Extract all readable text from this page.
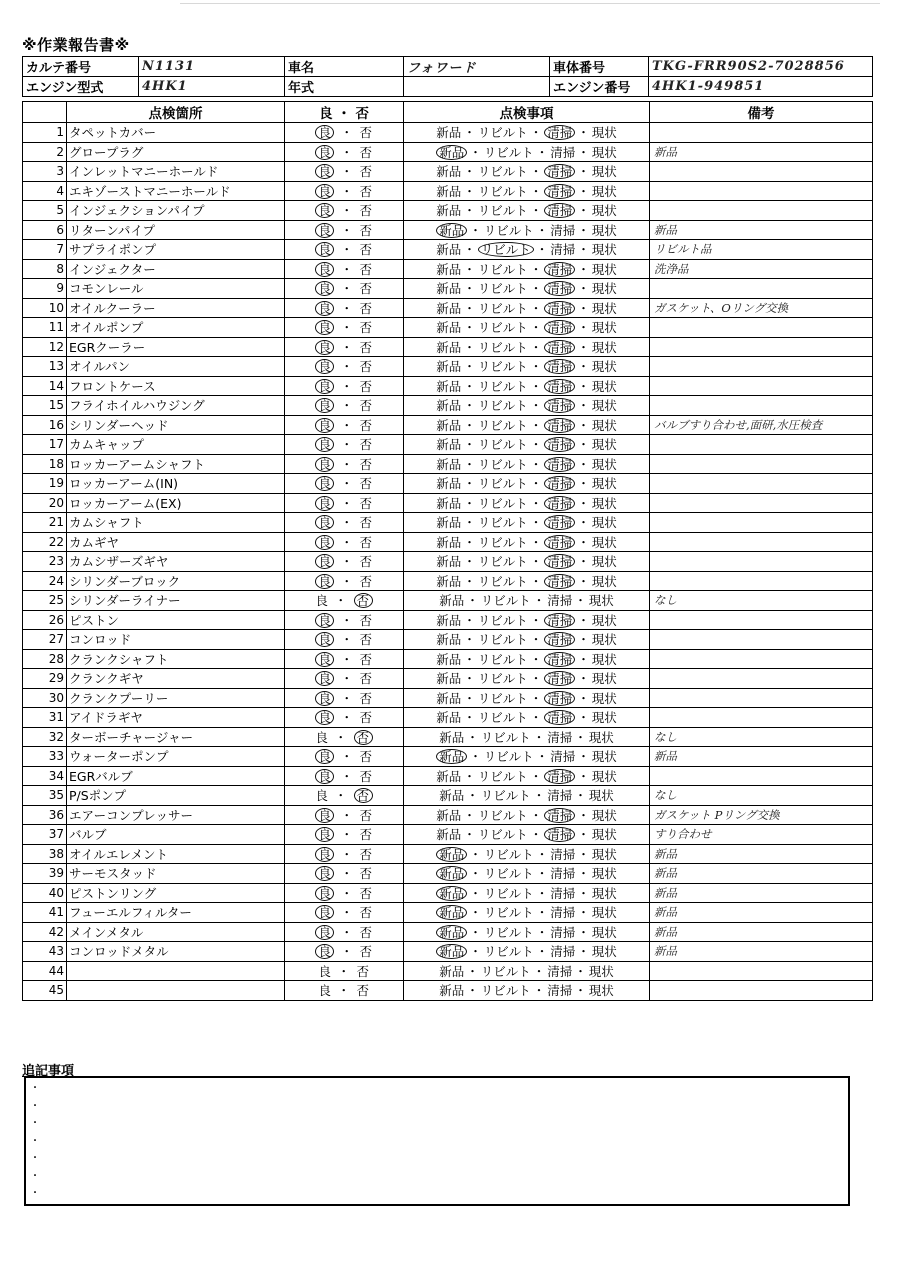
※作業報告書※
カルテ番号	N1131	車名	フォワード	車体番号	TKG-FRR90S2-7028856
エンジン型式	4HK1	年式		エンジン番号	4HK1-949851
	点検箇所	良 ・ 否	点検事項	備考
1	タペットカバー	良 ・ 否	新品 ・ リビルト ・ 清掃 ・ 現状	
2	グロープラグ	良 ・ 否	新品 ・ リビルト ・ 清掃 ・ 現状	新品
3	インレットマニーホールド	良 ・ 否	新品 ・ リビルト ・ 清掃 ・ 現状	
4	エキゾーストマニーホールド	良 ・ 否	新品 ・ リビルト ・ 清掃 ・ 現状	
5	インジェクションパイプ	良 ・ 否	新品 ・ リビルト ・ 清掃 ・ 現状	
6	リターンパイプ	良 ・ 否	新品 ・ リビルト ・ 清掃 ・ 現状	新品
7	サプライポンプ	良 ・ 否	新品 ・ リビルト ・ 清掃 ・ 現状	リビルト品
8	インジェクター	良 ・ 否	新品 ・ リビルト ・ 清掃 ・ 現状	洗浄品
9	コモンレール	良 ・ 否	新品 ・ リビルト ・ 清掃 ・ 現状	
10	オイルクーラー	良 ・ 否	新品 ・ リビルト ・ 清掃 ・ 現状	ガスケット、Oリング交換
11	オイルポンプ	良 ・ 否	新品 ・ リビルト ・ 清掃 ・ 現状	
12	EGRクーラー	良 ・ 否	新品 ・ リビルト ・ 清掃 ・ 現状	
13	オイルパン	良 ・ 否	新品 ・ リビルト ・ 清掃 ・ 現状	
14	フロントケース	良 ・ 否	新品 ・ リビルト ・ 清掃 ・ 現状	
15	フライホイルハウジング	良 ・ 否	新品 ・ リビルト ・ 清掃 ・ 現状	
16	シリンダーヘッド	良 ・ 否	新品 ・ リビルト ・ 清掃 ・ 現状	バルブすり合わせ,面研,水圧検査
17	カムキャップ	良 ・ 否	新品 ・ リビルト ・ 清掃 ・ 現状	
18	ロッカーアームシャフト	良 ・ 否	新品 ・ リビルト ・ 清掃 ・ 現状	
19	ロッカーアーム(IN)	良 ・ 否	新品 ・ リビルト ・ 清掃 ・ 現状	
20	ロッカーアーム(EX)	良 ・ 否	新品 ・ リビルト ・ 清掃 ・ 現状	
21	カムシャフト	良 ・ 否	新品 ・ リビルト ・ 清掃 ・ 現状	
22	カムギヤ	良 ・ 否	新品 ・ リビルト ・ 清掃 ・ 現状	
23	カムシザーズギヤ	良 ・ 否	新品 ・ リビルト ・ 清掃 ・ 現状	
24	シリンダーブロック	良 ・ 否	新品 ・ リビルト ・ 清掃 ・ 現状	
25	シリンダーライナー	良 ・ 否	新品 ・ リビルト ・ 清掃 ・ 現状	なし
26	ピストン	良 ・ 否	新品 ・ リビルト ・ 清掃 ・ 現状	
27	コンロッド	良 ・ 否	新品 ・ リビルト ・ 清掃 ・ 現状	
28	クランクシャフト	良 ・ 否	新品 ・ リビルト ・ 清掃 ・ 現状	
29	クランクギヤ	良 ・ 否	新品 ・ リビルト ・ 清掃 ・ 現状	
30	クランクプーリー	良 ・ 否	新品 ・ リビルト ・ 清掃 ・ 現状	
31	アイドラギヤ	良 ・ 否	新品 ・ リビルト ・ 清掃 ・ 現状	
32	ターボーチャージャー	良 ・ 否	新品 ・ リビルト ・ 清掃 ・ 現状	なし
33	ウォーターポンプ	良 ・ 否	新品 ・ リビルト ・ 清掃 ・ 現状	新品
34	EGRバルブ	良 ・ 否	新品 ・ リビルト ・ 清掃 ・ 現状	
35	P/Sポンプ	良 ・ 否	新品 ・ リビルト ・ 清掃 ・ 現状	なし
36	エアーコンプレッサー	良 ・ 否	新品 ・ リビルト ・ 清掃 ・ 現状	ガスケット Pリング交換
37	バルブ	良 ・ 否	新品 ・ リビルト ・ 清掃 ・ 現状	すり合わせ
38	オイルエレメント	良 ・ 否	新品 ・ リビルト ・ 清掃 ・ 現状	新品
39	サーモスタッド	良 ・ 否	新品 ・ リビルト ・ 清掃 ・ 現状	新品
40	ピストンリング	良 ・ 否	新品 ・ リビルト ・ 清掃 ・ 現状	新品
41	フューエルフィルター	良 ・ 否	新品 ・ リビルト ・ 清掃 ・ 現状	新品
42	メインメタル	良 ・ 否	新品 ・ リビルト ・ 清掃 ・ 現状	新品
43	コンロッドメタル	良 ・ 否	新品 ・ リビルト ・ 清掃 ・ 現状	新品
44		良 ・ 否	新品 ・ リビルト ・ 清掃 ・ 現状	
45		良 ・ 否	新品 ・ リビルト ・ 清掃 ・ 現状	
追記事項
・
・
・
・
・
・
・
